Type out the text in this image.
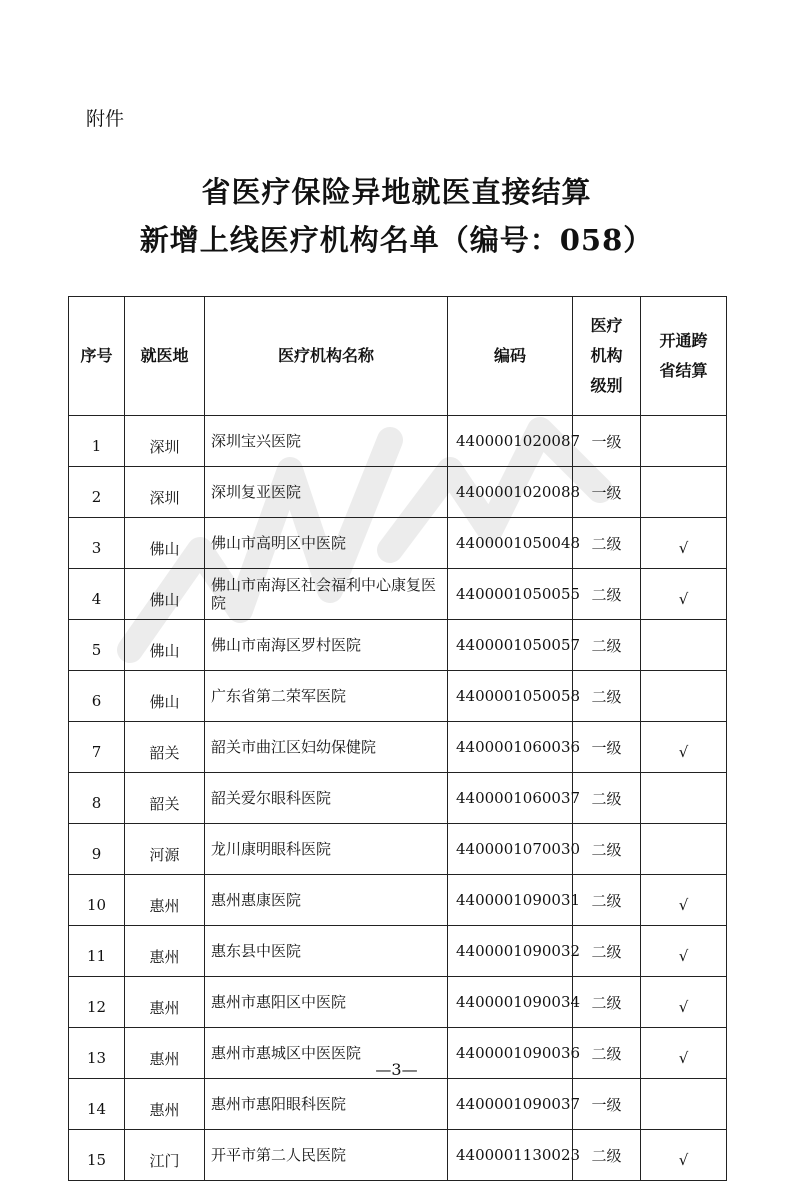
附件
省医疗保险异地就医直接结算
新增上线医疗机构名单（编号：058）
序号	就医地	医疗机构名称	编码	医疗机构级别	开通跨省结算

1	深圳	深圳宝兴医院	4400001020087	一级	
2	深圳	深圳复亚医院	4400001020088	一级	
3	佛山	佛山市高明区中医院	4400001050048	二级	√
4	佛山	佛山市南海区社会福利中心康复医院	4400001050055	二级	√
5	佛山	佛山市南海区罗村医院	4400001050057	二级	
6	佛山	广东省第二荣军医院	4400001050058	二级	
7	韶关	韶关市曲江区妇幼保健院	4400001060036	一级	√
8	韶关	韶关爱尔眼科医院	4400001060037	二级	
9	河源	龙川康明眼科医院	4400001070030	二级	
10	惠州	惠州惠康医院	4400001090031	二级	√
11	惠州	惠东县中医院	4400001090032	二级	√
12	惠州	惠州市惠阳区中医院	4400001090034	二级	√
13	惠州	惠州市惠城区中医医院	4400001090036	二级	√
14	惠州	惠州市惠阳眼科医院	4400001090037	一级	
15	江门	开平市第二人民医院	4400001130023	二级	√
—3—
